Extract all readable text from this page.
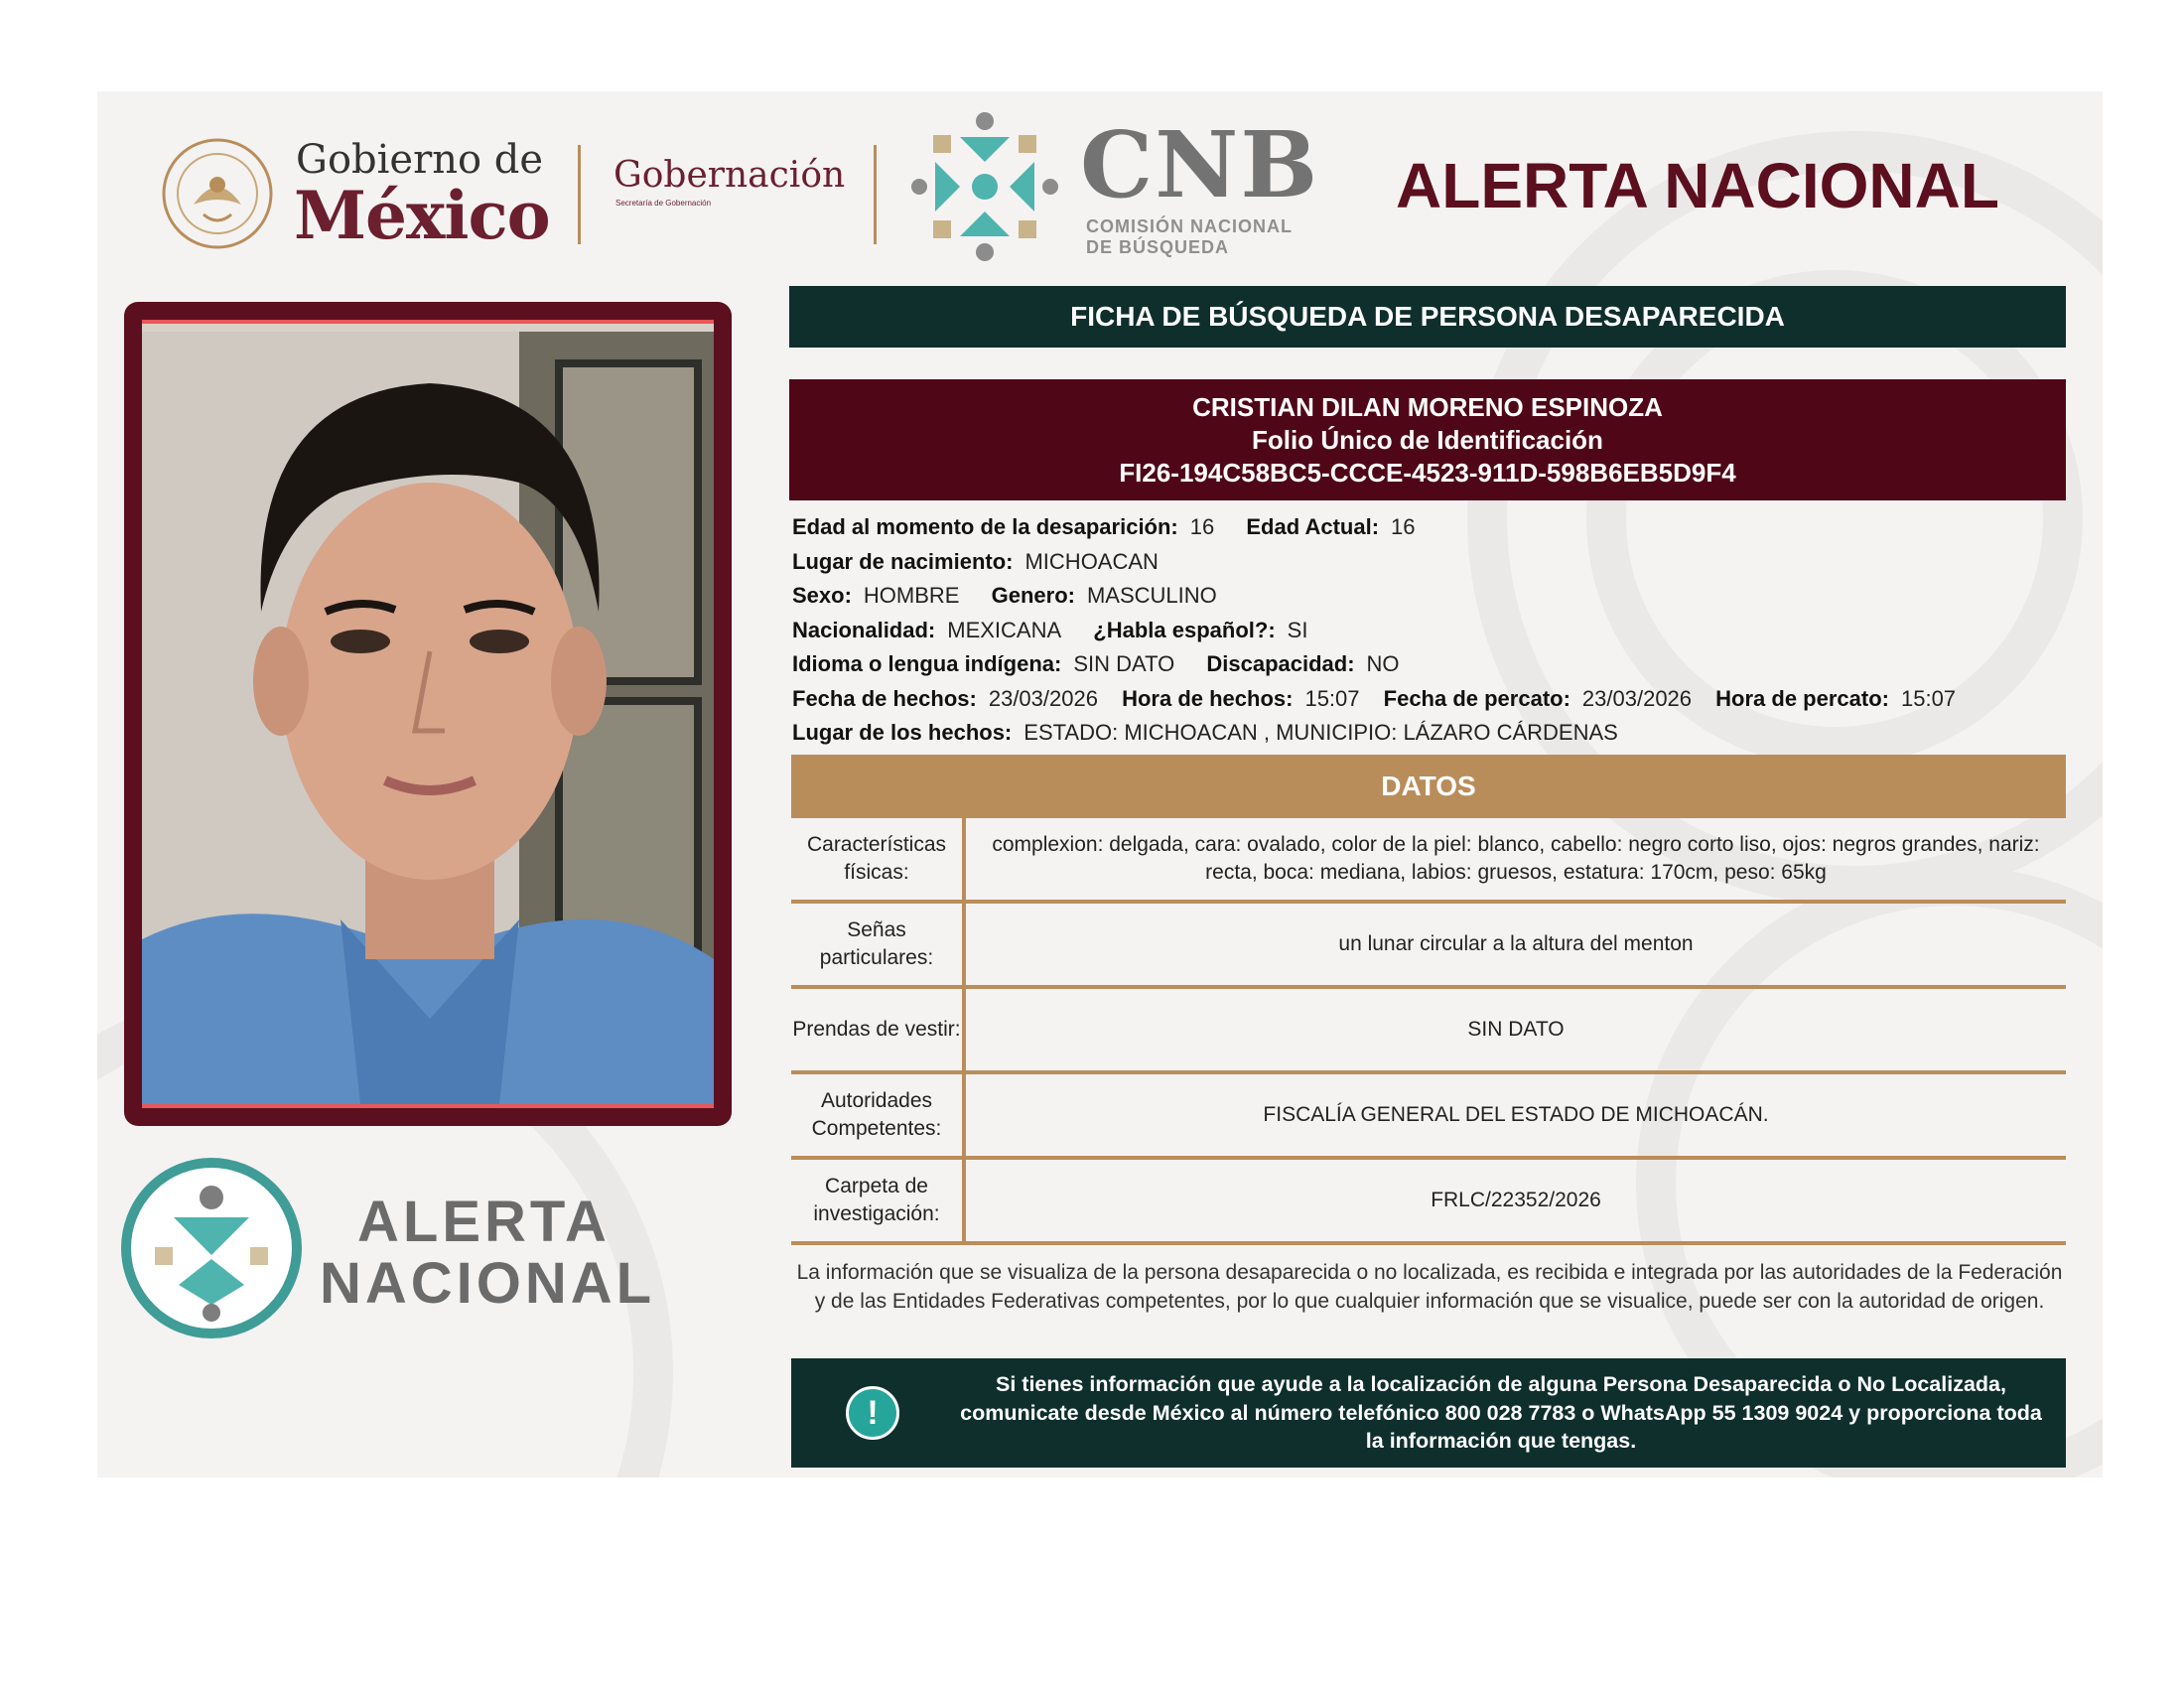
Gobierno de
México
Gobernación
Secretaría de Gobernación	CNB
COMISIÓN NACIONAL
DE BÚSQUEDA
ALERTA NACIONAL
ALERTA
NACIONAL
FICHA DE BÚSQUEDA DE PERSONA DESAPARECIDA
CRISTIAN DILAN MORENO ESPINOZA
Folio Único de Identificación
FI26-194C58BC5-CCCE-4523-911D-598B6EB5D9F4
Edad al momento de la desaparición: 16 Edad Actual: 16
Lugar de nacimiento: MICHOACAN
Sexo: HOMBRE Genero: MASCULINO
Nacionalidad: MEXICANA ¿Habla español?: SI
Idioma o lengua indígena: SIN DATO Discapacidad: NO
Fecha de hechos: 23/03/2026 Hora de hechos: 15:07 Fecha de percato: 23/03/2026 Hora de percato: 15:07
Lugar de los hechos: ESTADO: MICHOACAN , MUNICIPIO: LÁZARO CÁRDENAS
DATOS
Características físicas:
complexion: delgada, cara: ovalado, color de la piel: blanco, cabello: negro corto liso, ojos: negros grandes, nariz: recta, boca: mediana, labios: gruesos, estatura: 170cm, peso: 65kg
Señas particulares:
un lunar circular a la altura del menton
Prendas de vestir:	SIN DATO
Autoridades Competentes:
FISCALÍA GENERAL DEL ESTADO DE MICHOACÁN.
Carpeta de investigación:
FRLC/22352/2026
La información que se visualiza de la persona desaparecida o no localizada, es recibida e integrada por las autoridades de la Federación y de las Entidades Federativas competentes, por lo que cualquier información que se visualice, puede ser con la autoridad de origen.
!
Si tienes información que ayude a la localización de alguna Persona Desaparecida o No Localizada, comunicate desde México al número telefónico 800 028 7783 o WhatsApp 55 1309 9024 y proporciona toda la información que tengas.
